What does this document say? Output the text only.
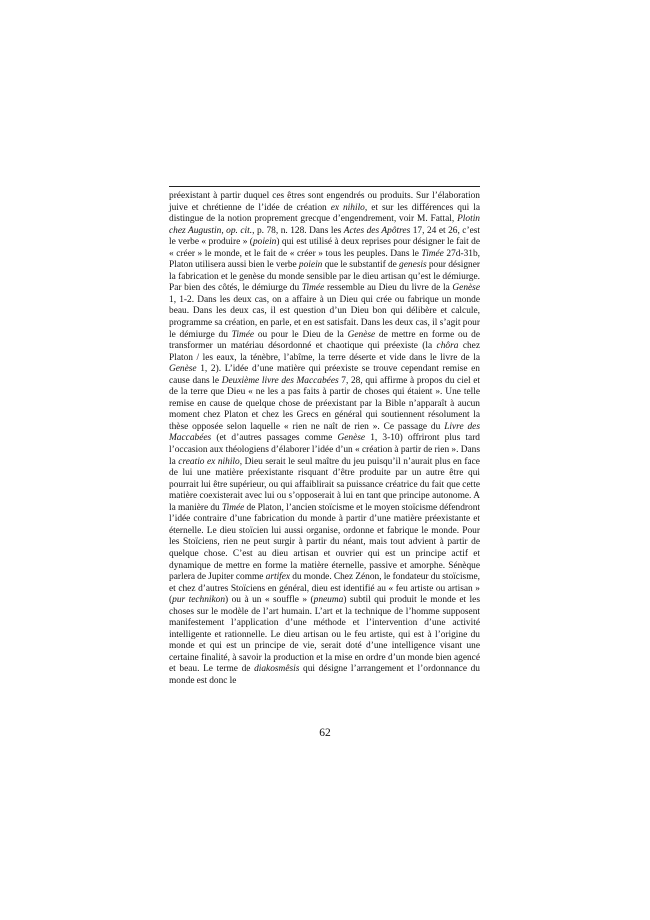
préexistant à partir duquel ces êtres sont engendrés ou produits. Sur l’élaboration juive et chrétienne de l’idée de création ex nihilo, et sur les différences qui la distingue de la notion proprement grecque d’engendrement, voir M. Fattal, Plotin chez Augustin, op. cit., p. 78, n. 128. Dans les Actes des Apôtres 17, 24 et 26, c’est le verbe « produire » (poiein) qui est utilisé à deux reprises pour désigner le fait de « créer » le monde, et le fait de « créer » tous les peuples. Dans le Timée 27d-31b, Platon utilisera aussi bien le verbe poiein que le substantif de genesis pour désigner la fabrication et le genèse du monde sensible par le dieu artisan qu’est le démiurge. Par bien des côtés, le démiurge du Timée ressemble au Dieu du livre de la Genèse 1, 1-2. Dans les deux cas, on a affaire à un Dieu qui crée ou fabrique un monde beau. Dans les deux cas, il est question d’un Dieu bon qui délibère et calcule, programme sa création, en parle, et en est satisfait. Dans les deux cas, il s’agit pour le démiurge du Timée ou pour le Dieu de la Genèse de mettre en forme ou de transformer un matériau désordonné et chaotique qui préexiste (la chôra chez Platon / les eaux, la ténèbre, l’abîme, la terre déserte et vide dans le livre de la Genèse 1, 2). L’idée d’une matière qui préexiste se trouve cependant remise en cause dans le Deuxième livre des Maccabées 7, 28, qui affirme à propos du ciel et de la terre que Dieu « ne les a pas faits à partir de choses qui étaient ». Une telle remise en cause de quelque chose de préexistant par la Bible n’apparaît à aucun moment chez Platon et chez les Grecs en général qui soutiennent résolument la thèse opposée selon laquelle « rien ne naît de rien ». Ce passage du Livre des Maccabées (et d’autres passages comme Genèse 1, 3-10) offriront plus tard l’occasion aux théologiens d’élaborer l’idée d’un « création à partir de rien ». Dans la creatio ex nihilo, Dieu serait le seul maître du jeu puisqu’il n’aurait plus en face de lui une matière préexistante risquant d’être produite par un autre être qui pourrait lui être supérieur, ou qui affaiblirait sa puissance créatrice du fait que cette matière coexisterait avec lui ou s’opposerait à lui en tant que principe autonome. A la manière du Timée de Platon, l’ancien stoïcisme et le moyen stoïcisme défendront l’idée contraire d’une fabrication du monde à partir d’une matière préexistante et éternelle. Le dieu stoïcien lui aussi organise, ordonne et fabrique le monde. Pour les Stoïciens, rien ne peut surgir à partir du néant, mais tout advient à partir de quelque chose. C’est au dieu artisan et ouvrier qui est un principe actif et dynamique de mettre en forme la matière éternelle, passive et amorphe. Sénèque parlera de Jupiter comme artifex du monde. Chez Zénon, le fondateur du stoïcisme, et chez d’autres Stoïciens en général, dieu est identifié au « feu artiste ou artisan » (pur technikon) ou à un « souffle » (pneuma) subtil qui produit le monde et les choses sur le modèle de l’art humain. L’art et la technique de l’homme supposent manifestement l’application d’une méthode et l’intervention d’une activité intelligente et rationnelle. Le dieu artisan ou le feu artiste, qui est à l’origine du monde et qui est un principe de vie, serait doté d’une intelligence visant une certaine finalité, à savoir la production et la mise en ordre d’un monde bien agencé et beau. Le terme de diakosmêsis qui désigne l’arrangement et l’ordonnance du monde est donc le
62
